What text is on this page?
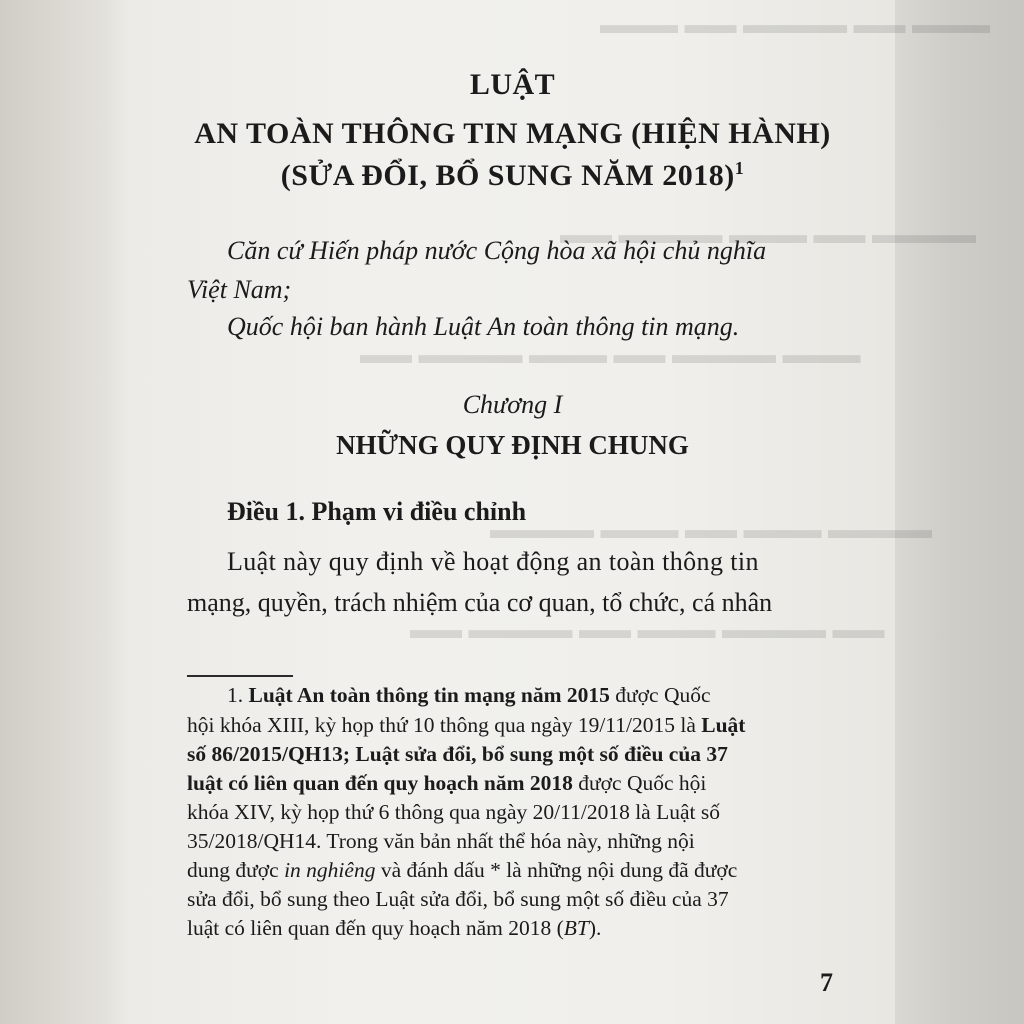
▬▬▬ ▬▬ ▬▬▬▬ ▬▬ ▬▬▬
▬▬▬▬ ▬▬ ▬▬▬ ▬▬▬▬ ▬▬
▬▬▬ ▬▬▬▬ ▬▬ ▬▬▬ ▬▬▬▬ ▬▬
▬▬▬▬ ▬▬▬ ▬▬ ▬▬▬ ▬▬▬▬
▬▬ ▬▬▬▬ ▬▬▬ ▬▬ ▬▬▬▬ ▬▬
LUẬT
AN TOÀN THÔNG TIN MẠNG (HIỆN HÀNH)
(SỬA ĐỔI, BỔ SUNG NĂM 2018)$^1$
Căn cứ Hiến pháp nước Cộng hòa xã hội chủ nghĩa
Việt Nam;
Quốc hội ban hành Luật An toàn thông tin mạng.
Chương I
NHỮNG QUY ĐỊNH CHUNG
Điều 1. Phạm vi điều chỉnh
Luật này quy định về hoạt động an toàn thông tin
mạng, quyền, trách nhiệm của cơ quan, tổ chức, cá nhân
1. Luật An toàn thông tin mạng năm 2015 được Quốc
hội khóa XIII, kỳ họp thứ 10 thông qua ngày 19/11/2015 là Luật
số 86/2015/QH13; Luật sửa đổi, bổ sung một số điều của 37
luật có liên quan đến quy hoạch năm 2018 được Quốc hội
khóa XIV, kỳ họp thứ 6 thông qua ngày 20/11/2018 là Luật số
35/2018/QH14. Trong văn bản nhất thể hóa này, những nội
dung được in nghiêng và đánh dấu * là những nội dung đã được
sửa đổi, bổ sung theo Luật sửa đổi, bổ sung một số điều của 37
luật có liên quan đến quy hoạch năm 2018 (BT).
7
